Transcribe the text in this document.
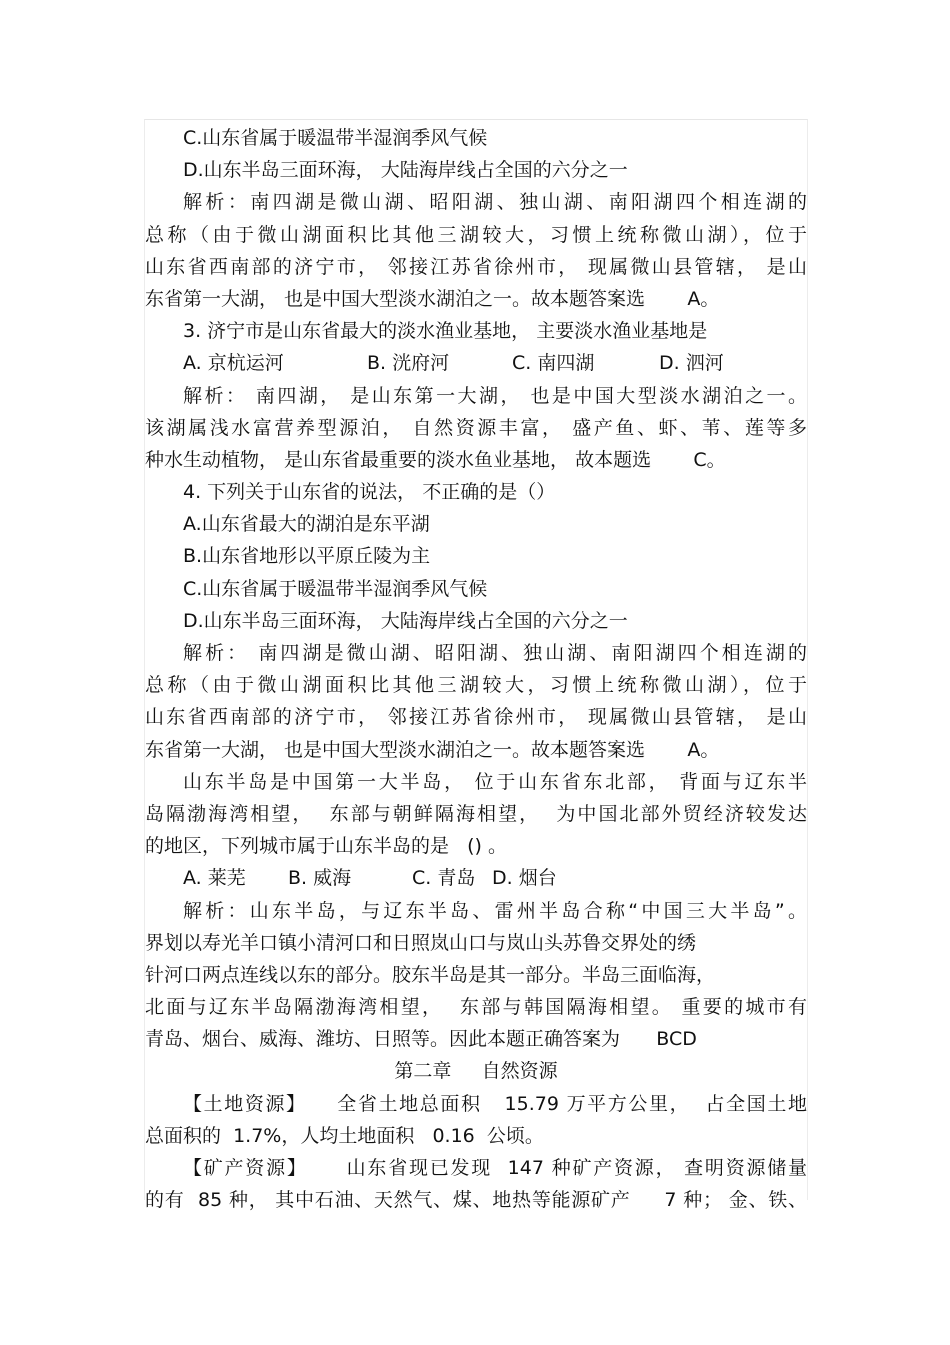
C.山东省属于暖温带半湿润季风气候
D.山东半岛三面环海， 大陆海岸线占全国的六分之一
解析：南四湖是微山湖、昭阳湖、独山湖、南阳湖四个相连湖的
总称（由于微山湖面积比其他三湖较大，习惯上统称微山湖），位于
山东省西南部的济宁市， 邻接江苏省徐州市， 现属微山县管辖， 是山
东省第一大湖， 也是中国大型淡水湖泊之一。故本题答案选       A。
3. 济宁市是山东省最大的淡水渔业基地， 主要淡水渔业基地是
A. 京杭运河	B. 洸府河	C. 南四湖	D. 泗河
解析： 南四湖， 是山东第一大湖， 也是中国大型淡水湖泊之一。
该湖属浅水富营养型源泊， 自然资源丰富， 盛产鱼、虾、苇、莲等多
种水生动植物， 是山东省最重要的淡水鱼业基地， 故本题选       C。
4. 下列关于山东省的说法， 不正确的是（）
A.山东省最大的湖泊是东平湖
B.山东省地形以平原丘陵为主
C.山东省属于暖温带半湿润季风气候
D.山东半岛三面环海， 大陆海岸线占全国的六分之一
解析： 南四湖是微山湖、昭阳湖、独山湖、南阳湖四个相连湖的
总称（由于微山湖面积比其他三湖较大，习惯上统称微山湖），位于
山东省西南部的济宁市， 邻接江苏省徐州市， 现属微山县管辖， 是山
东省第一大湖， 也是中国大型淡水湖泊之一。故本题答案选       A。
山东半岛是中国第一大半岛， 位于山东省东北部， 背面与辽东半
岛隔渤海湾相望，  东部与朝鲜隔海相望，  为中国北部外贸经济较发达
的地区，下列城市属于山东半岛的是   () 。
A. 莱芜	B. 威海	C. 青岛 D. 烟台
解析：山东半岛，与辽东半岛、雷州半岛合称“中国三大半岛”。
界划以寿光羊口镇小清河口和日照岚山口与岚山头苏鲁交界处的绣
针河口两点连线以东的部分。胶东半岛是其一部分。半岛三面临海，
北面与辽东半岛隔渤海湾相望，  东部与韩国隔海相望。 重要的城市有
青岛、烟台、威海、潍坊、日照等。因此本题正确答案为      BCD
第二章     自然资源
【土地资源】    全省土地总面积   15.79 万平方公里，  占全国土地
总面积的  1.7%，人均土地面积   0.16  公顷。
【矿产资源】     山东省现已发现  147 种矿产资源， 查明资源储量
的有  85 种， 其中石油、天然气、煤、地热等能源矿产     7 种； 金、铁、
